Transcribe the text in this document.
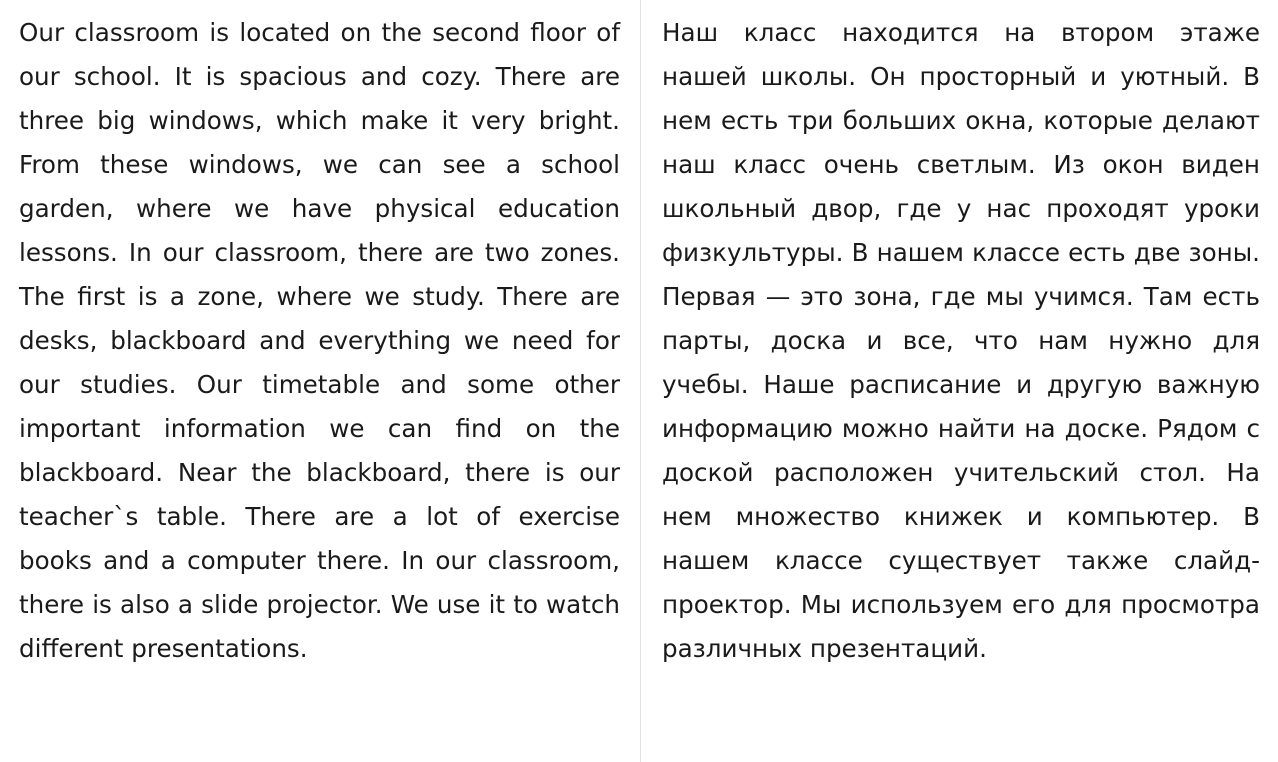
Our classroom is located on the second floor of our school. It is spacious and cozy. There are three big windows, which make it very bright. From these windows, we can see a school garden, where we have physical education lessons. In our classroom, there are two zones. The first is a zone, where we study. There are desks, blackboard and everything we need for our studies. Our timetable and some other important information we can find on the blackboard. Near the blackboard, there is our teacher`s table. There are a lot of exercise books and a computer there. In our classroom, there is also a slide projector. We use it to watch different presentations.

Наш класс находится на втором этаже нашей школы. Он просторный и уютный. В нем есть три больших окна, которые делают наш класс очень светлым. Из окон виден школьный двор, где у нас проходят уроки физкультуры. В нашем классе есть две зоны. Первая — это зона, где мы учимся. Там есть парты, доска и все, что нам нужно для учебы. Наше расписание и другую важную информацию можно найти на доске. Рядом с доской расположен учительский стол. На нем множество книжек и компьютер. В нашем классе существует также слайд-проектор. Мы используем его для просмотра различных презентаций.
